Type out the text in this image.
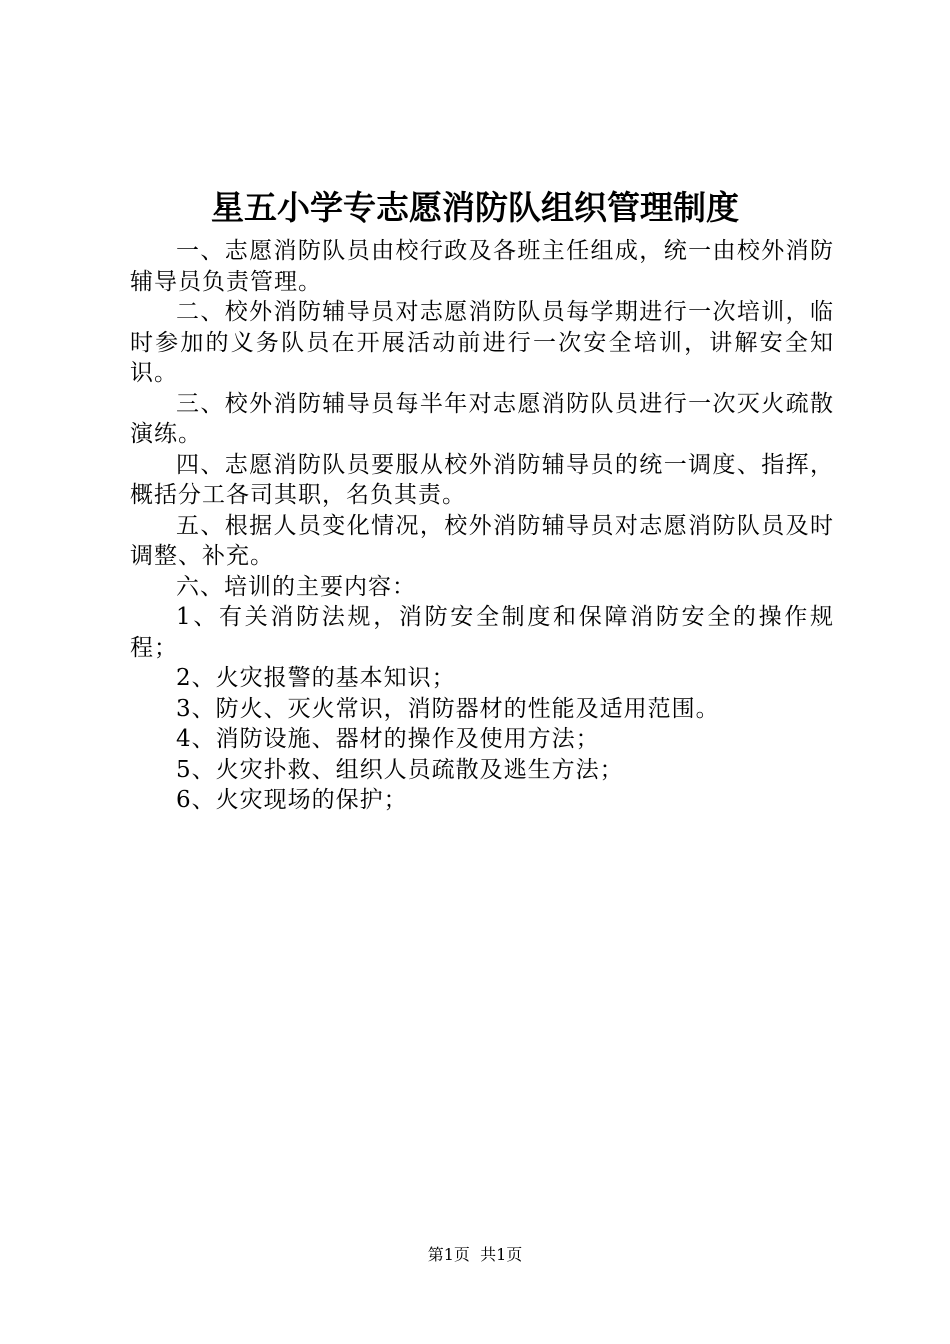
星五小学专志愿消防队组织管理制度

一、志愿消防队员由校行政及各班主任组成，统一由校外消防辅导员负责管理。

二、校外消防辅导员对志愿消防队员每学期进行一次培训，临时参加的义务队员在开展活动前进行一次安全培训，讲解安全知识。

三、校外消防辅导员每半年对志愿消防队员进行一次灭火疏散演练。

四、志愿消防队员要服从校外消防辅导员的统一调度、指挥，概括分工各司其职，名负其责。

五、根据人员变化情况，校外消防辅导员对志愿消防队员及时调整、补充。

六、培训的主要内容：

1、有关消防法规，消防安全制度和保障消防安全的操作规程；

2、火灾报警的基本知识；

3、防火、灭火常识，消防器材的性能及适用范围。

4、消防设施、器材的操作及使用方法；

5、火灾扑救、组织人员疏散及逃生方法；

6、火灾现场的保护；

第1页  共1页
